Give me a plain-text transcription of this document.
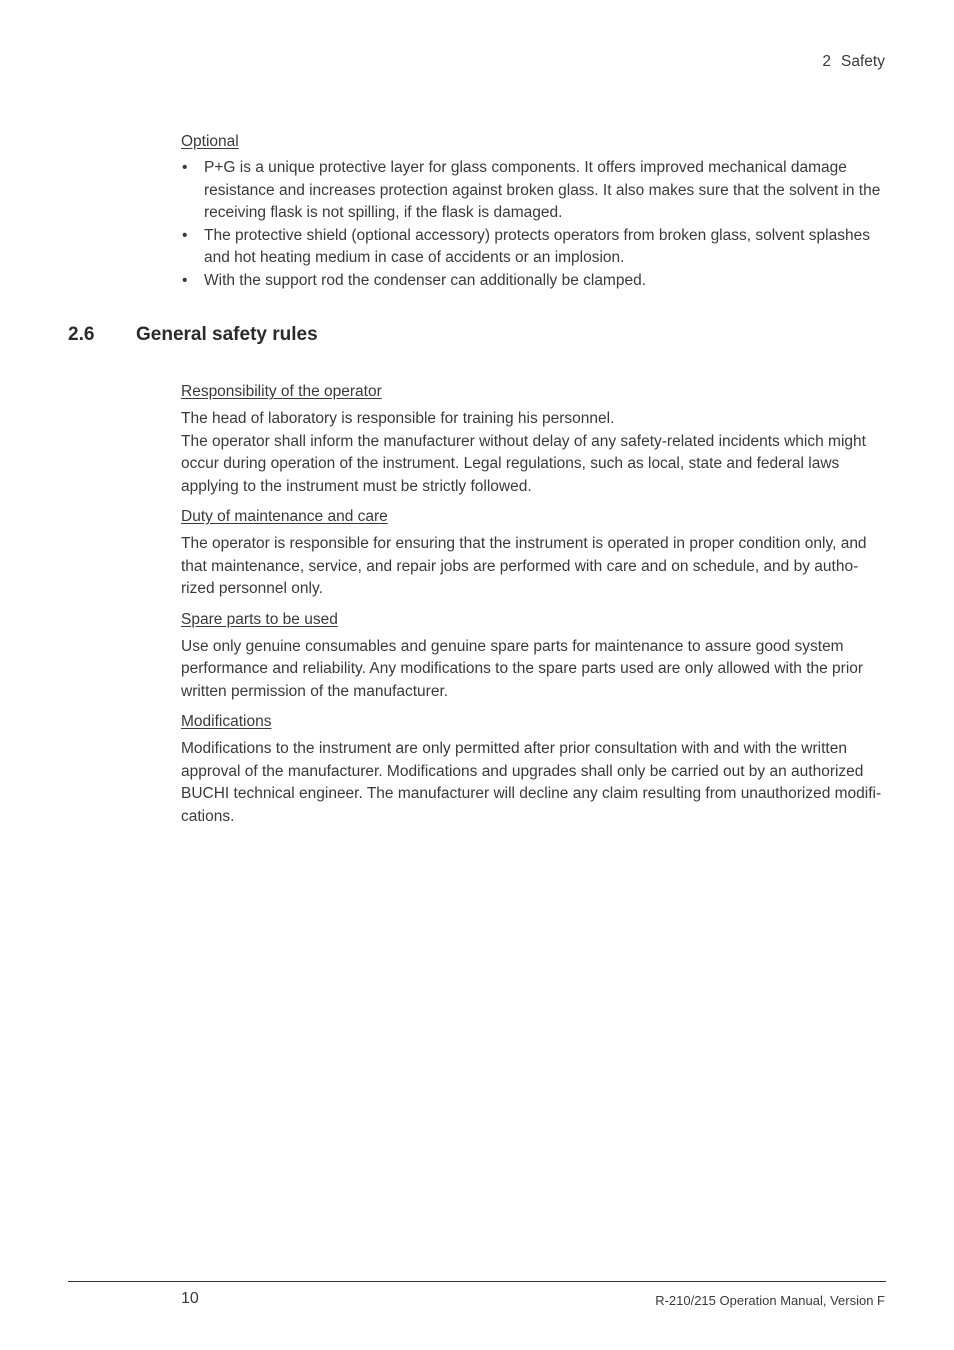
2 Safety

Optional

• P+G is a unique protective layer for glass components. It offers improved mechanical damage resistance and increases protection against broken glass. It also makes sure that the solvent in the receiving flask is not spilling, if the flask is damaged.
• The protective shield (optional accessory) protects operators from broken glass, solvent splashes and hot heating medium in case of accidents or an implosion.
• With the support rod the condenser can additionally be clamped.
2.6 General safety rules

Responsibility of the operator

The head of laboratory is responsible for training his personnel.

The operator shall inform the manufacturer without delay of any safety-related incidents which might occur during operation of the instrument. Legal regulations, such as local, state and federal laws applying to the instrument must be strictly followed.

Duty of maintenance and care

The operator is responsible for ensuring that the instrument is operated in proper condition only, and that maintenance, service, and repair jobs are performed with care and on schedule, and by autho-rized personnel only.

Spare parts to be used

Use only genuine consumables and genuine spare parts for maintenance to assure good system performance and reliability. Any modifications to the spare parts used are only allowed with the prior written permission of the manufacturer.

Modifications

Modifications to the instrument are only permitted after prior consultation with and with the written approval of the manufacturer. Modifications and upgrades shall only be carried out by an authorized BUCHI technical engineer. The manufacturer will decline any claim resulting from unauthorized modifi-cations.

10	R-210/215 Operation Manual, Version F
